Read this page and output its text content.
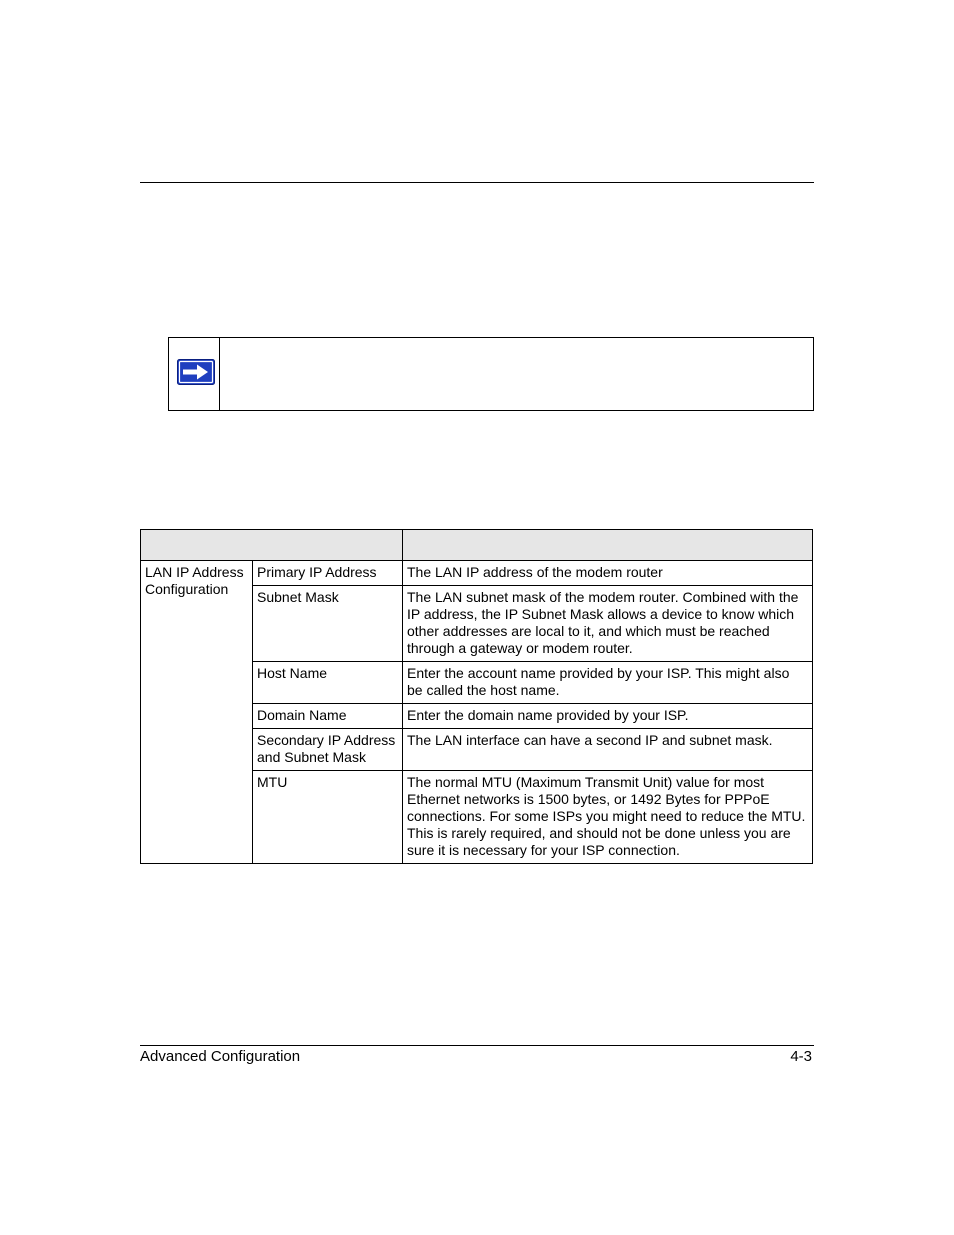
LAN IP Address Configuration	Primary IP Address	The LAN IP address of the modem router
	Subnet Mask	The LAN subnet mask of the modem router. Combined with the IP address, the IP Subnet Mask allows a device to know which other addresses are local to it, and which must be reached through a gateway or modem router.
	Host Name	Enter the account name provided by your ISP. This might also be called the host name.
	Domain Name	Enter the domain name provided by your ISP.
	Secondary IP Address and Subnet Mask	The LAN interface can have a second IP and subnet mask.
	MTU	The normal MTU (Maximum Transmit Unit) value for most Ethernet networks is 1500 bytes, or 1492 Bytes for PPPoE connections. For some ISPs you might need to reduce the MTU. This is rarely required, and should not be done unless you are sure it is necessary for your ISP connection.
Advanced Configuration	4-3
